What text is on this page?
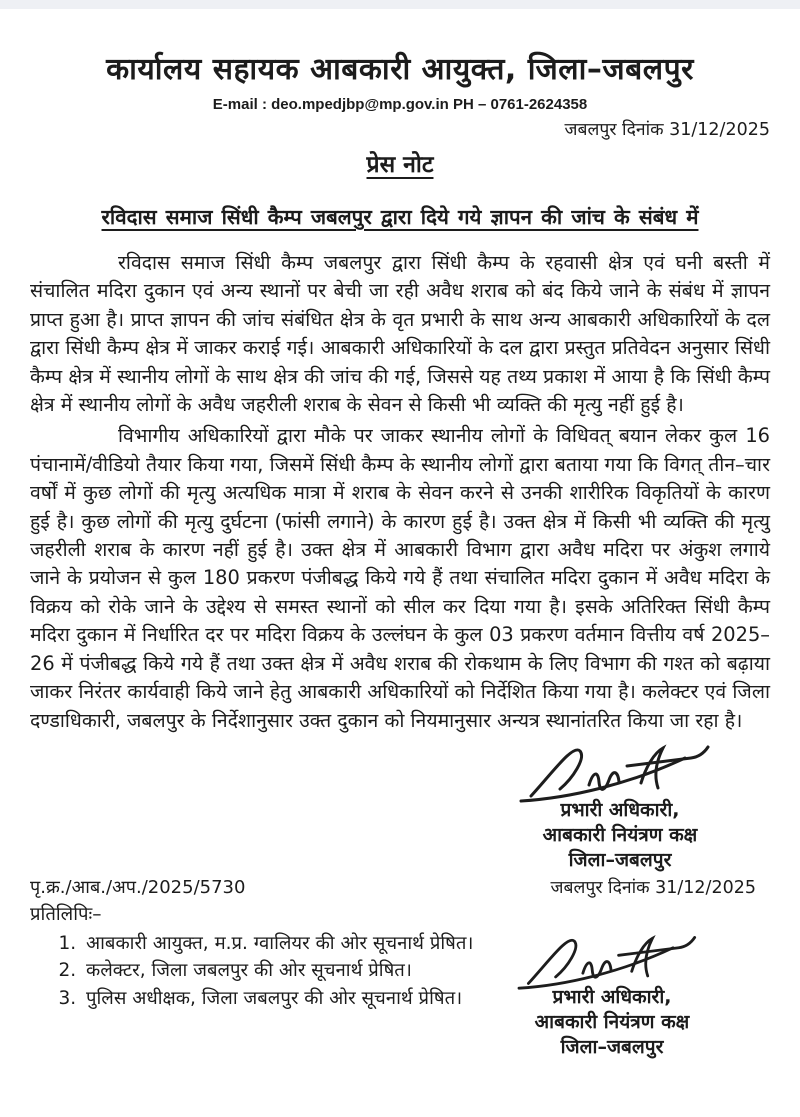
कार्यालय सहायक आबकारी आयुक्त, जिला–जबलपुर
E-mail : deo.mpedjbp@mp.gov.in PH – 0761-2624358
जबलपुर दिनांक 31/12/2025
प्रेस नोट
रविदास समाज सिंधी कैम्प जबलपुर द्वारा दिये गये ज्ञापन की जांच के संबंध में

रविदास समाज सिंधी कैम्प जबलपुर द्वारा सिंधी कैम्प के रहवासी क्षेत्र एवं घनी बस्ती में संचालित मदिरा दुकान एवं अन्य स्थानों पर बेची जा रही अवैध शराब को बंद किये जाने के संबंध में ज्ञापन प्राप्त हुआ है। प्राप्त ज्ञापन की जांच संबंधित क्षेत्र के वृत प्रभारी के साथ अन्य आबकारी अधिकारियों के दल द्वारा सिंधी कैम्प क्षेत्र में जाकर कराई गई। आबकारी अधिकारियों के दल द्वारा प्रस्तुत प्रतिवेदन अनुसार सिंधी कैम्प क्षेत्र में स्थानीय लोगों के साथ क्षेत्र की जांच की गई, जिससे यह तथ्य प्रकाश में आया है कि सिंधी कैम्प क्षेत्र में स्थानीय लोगों के अवैध जहरीली शराब के सेवन से किसी भी व्यक्ति की मृत्यु नहीं हुई है।

विभागीय अधिकारियों द्वारा मौके पर जाकर स्थानीय लोगों के विधिवत् बयान लेकर कुल 16 पंचानामें/वीडियो तैयार किया गया, जिसमें सिंधी कैम्प के स्थानीय लोगों द्वारा बताया गया कि विगत् तीन–चार वर्षों में कुछ लोगों की मृत्यु अत्यधिक मात्रा में शराब के सेवन करने से उनकी शारीरिक विकृतियों के कारण हुई है। कुछ लोगों की मृत्यु दुर्घटना (फांसी लगाने) के कारण हुई है। उक्त क्षेत्र में किसी भी व्यक्ति की मृत्यु जहरीली शराब के कारण नहीं हुई है। उक्त क्षेत्र में आबकारी विभाग द्वारा अवैध मदिरा पर अंकुश लगाये जाने के प्रयोजन से कुल 180 प्रकरण पंजीबद्ध किये गये हैं तथा संचालित मदिरा दुकान में अवैध मदिरा के विक्रय को रोके जाने के उद्देश्य से समस्त स्थानों को सील कर दिया गया है। इसके अतिरिक्त सिंधी कैम्प मदिरा दुकान में निर्धारित दर पर मदिरा विक्रय के उल्लंघन के कुल 03 प्रकरण वर्तमान वित्तीय वर्ष 2025–26 में पंजीबद्ध किये गये हैं तथा उक्त क्षेत्र में अवैध शराब की रोकथाम के लिए विभाग की गश्त को बढ़ाया जाकर निरंतर कार्यवाही किये जाने हेतु आबकारी अधिकारियों को निर्देशित किया गया है। कलेक्टर एवं जिला दण्डाधिकारी, जबलपुर के निर्देशानुसार उक्त दुकान को नियमानुसार अन्यत्र स्थानांतरित किया जा रहा है।

प्रभारी अधिकारी,
आबकारी नियंत्रण कक्ष
जिला–जबलपुर
पृ.क्र./आब./अप./2025/5730	जबलपुर दिनांक 31/12/2025
प्रतिलिपिः–
1. आबकारी आयुक्त, म.प्र. ग्वालियर की ओर सूचनार्थ प्रेषित।
2. कलेक्टर, जिला जबलपुर की ओर सूचनार्थ प्रेषित।
3. पुलिस अधीक्षक, जिला जबलपुर की ओर सूचनार्थ प्रेषित।	प्रभारी अधिकारी,
आबकारी नियंत्रण कक्ष
जिला–जबलपुर
